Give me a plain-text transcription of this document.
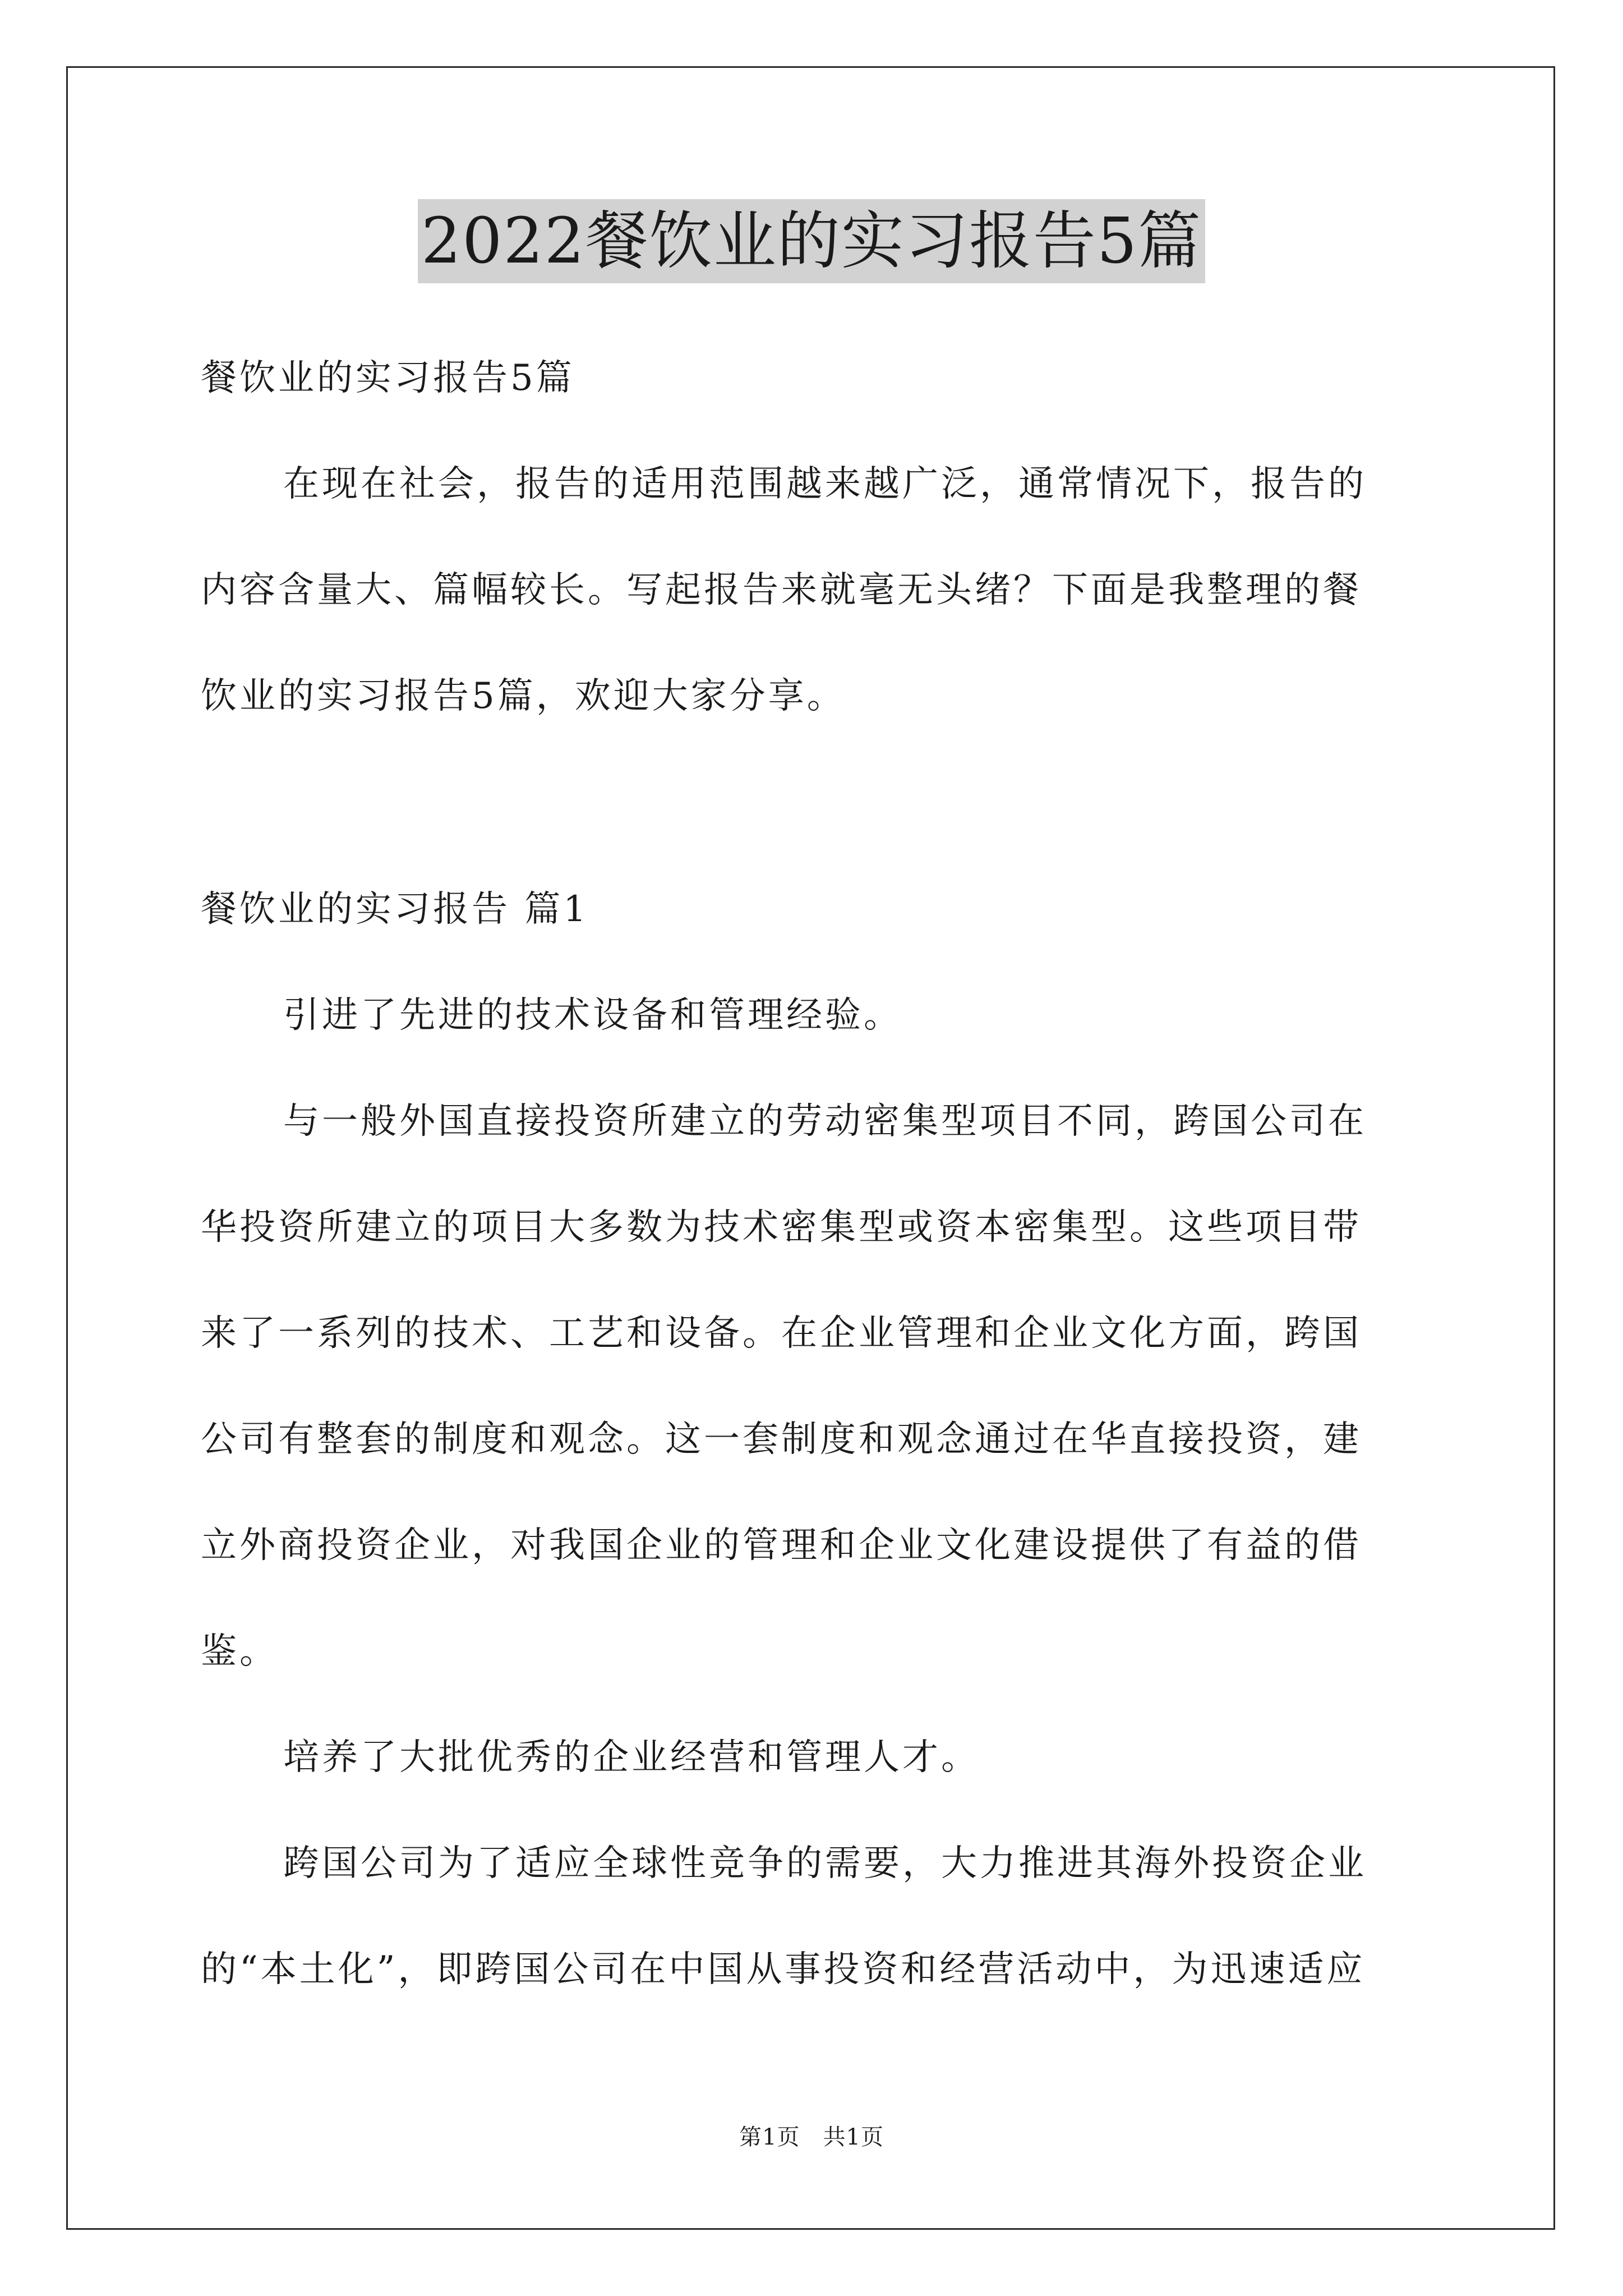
2022餐饮业的实习报告5篇
餐饮业的实习报告5篇
在现在社会，报告的适用范围越来越广泛，通常情况下，报告的
内容含量大、篇幅较长。写起报告来就毫无头绪？下面是我整理的餐
饮业的实习报告5篇，欢迎大家分享。
餐饮业的实习报告 篇1
引进了先进的技术设备和管理经验。
与一般外国直接投资所建立的劳动密集型项目不同，跨国公司在
华投资所建立的项目大多数为技术密集型或资本密集型。这些项目带
来了一系列的技术、工艺和设备。在企业管理和企业文化方面，跨国
公司有整套的制度和观念。这一套制度和观念通过在华直接投资，建
立外商投资企业，对我国企业的管理和企业文化建设提供了有益的借
鉴。
培养了大批优秀的企业经营和管理人才。
跨国公司为了适应全球性竞争的需要，大力推进其海外投资企业
的“本土化”，即跨国公司在中国从事投资和经营活动中，为迅速适应
第1页　共1页
